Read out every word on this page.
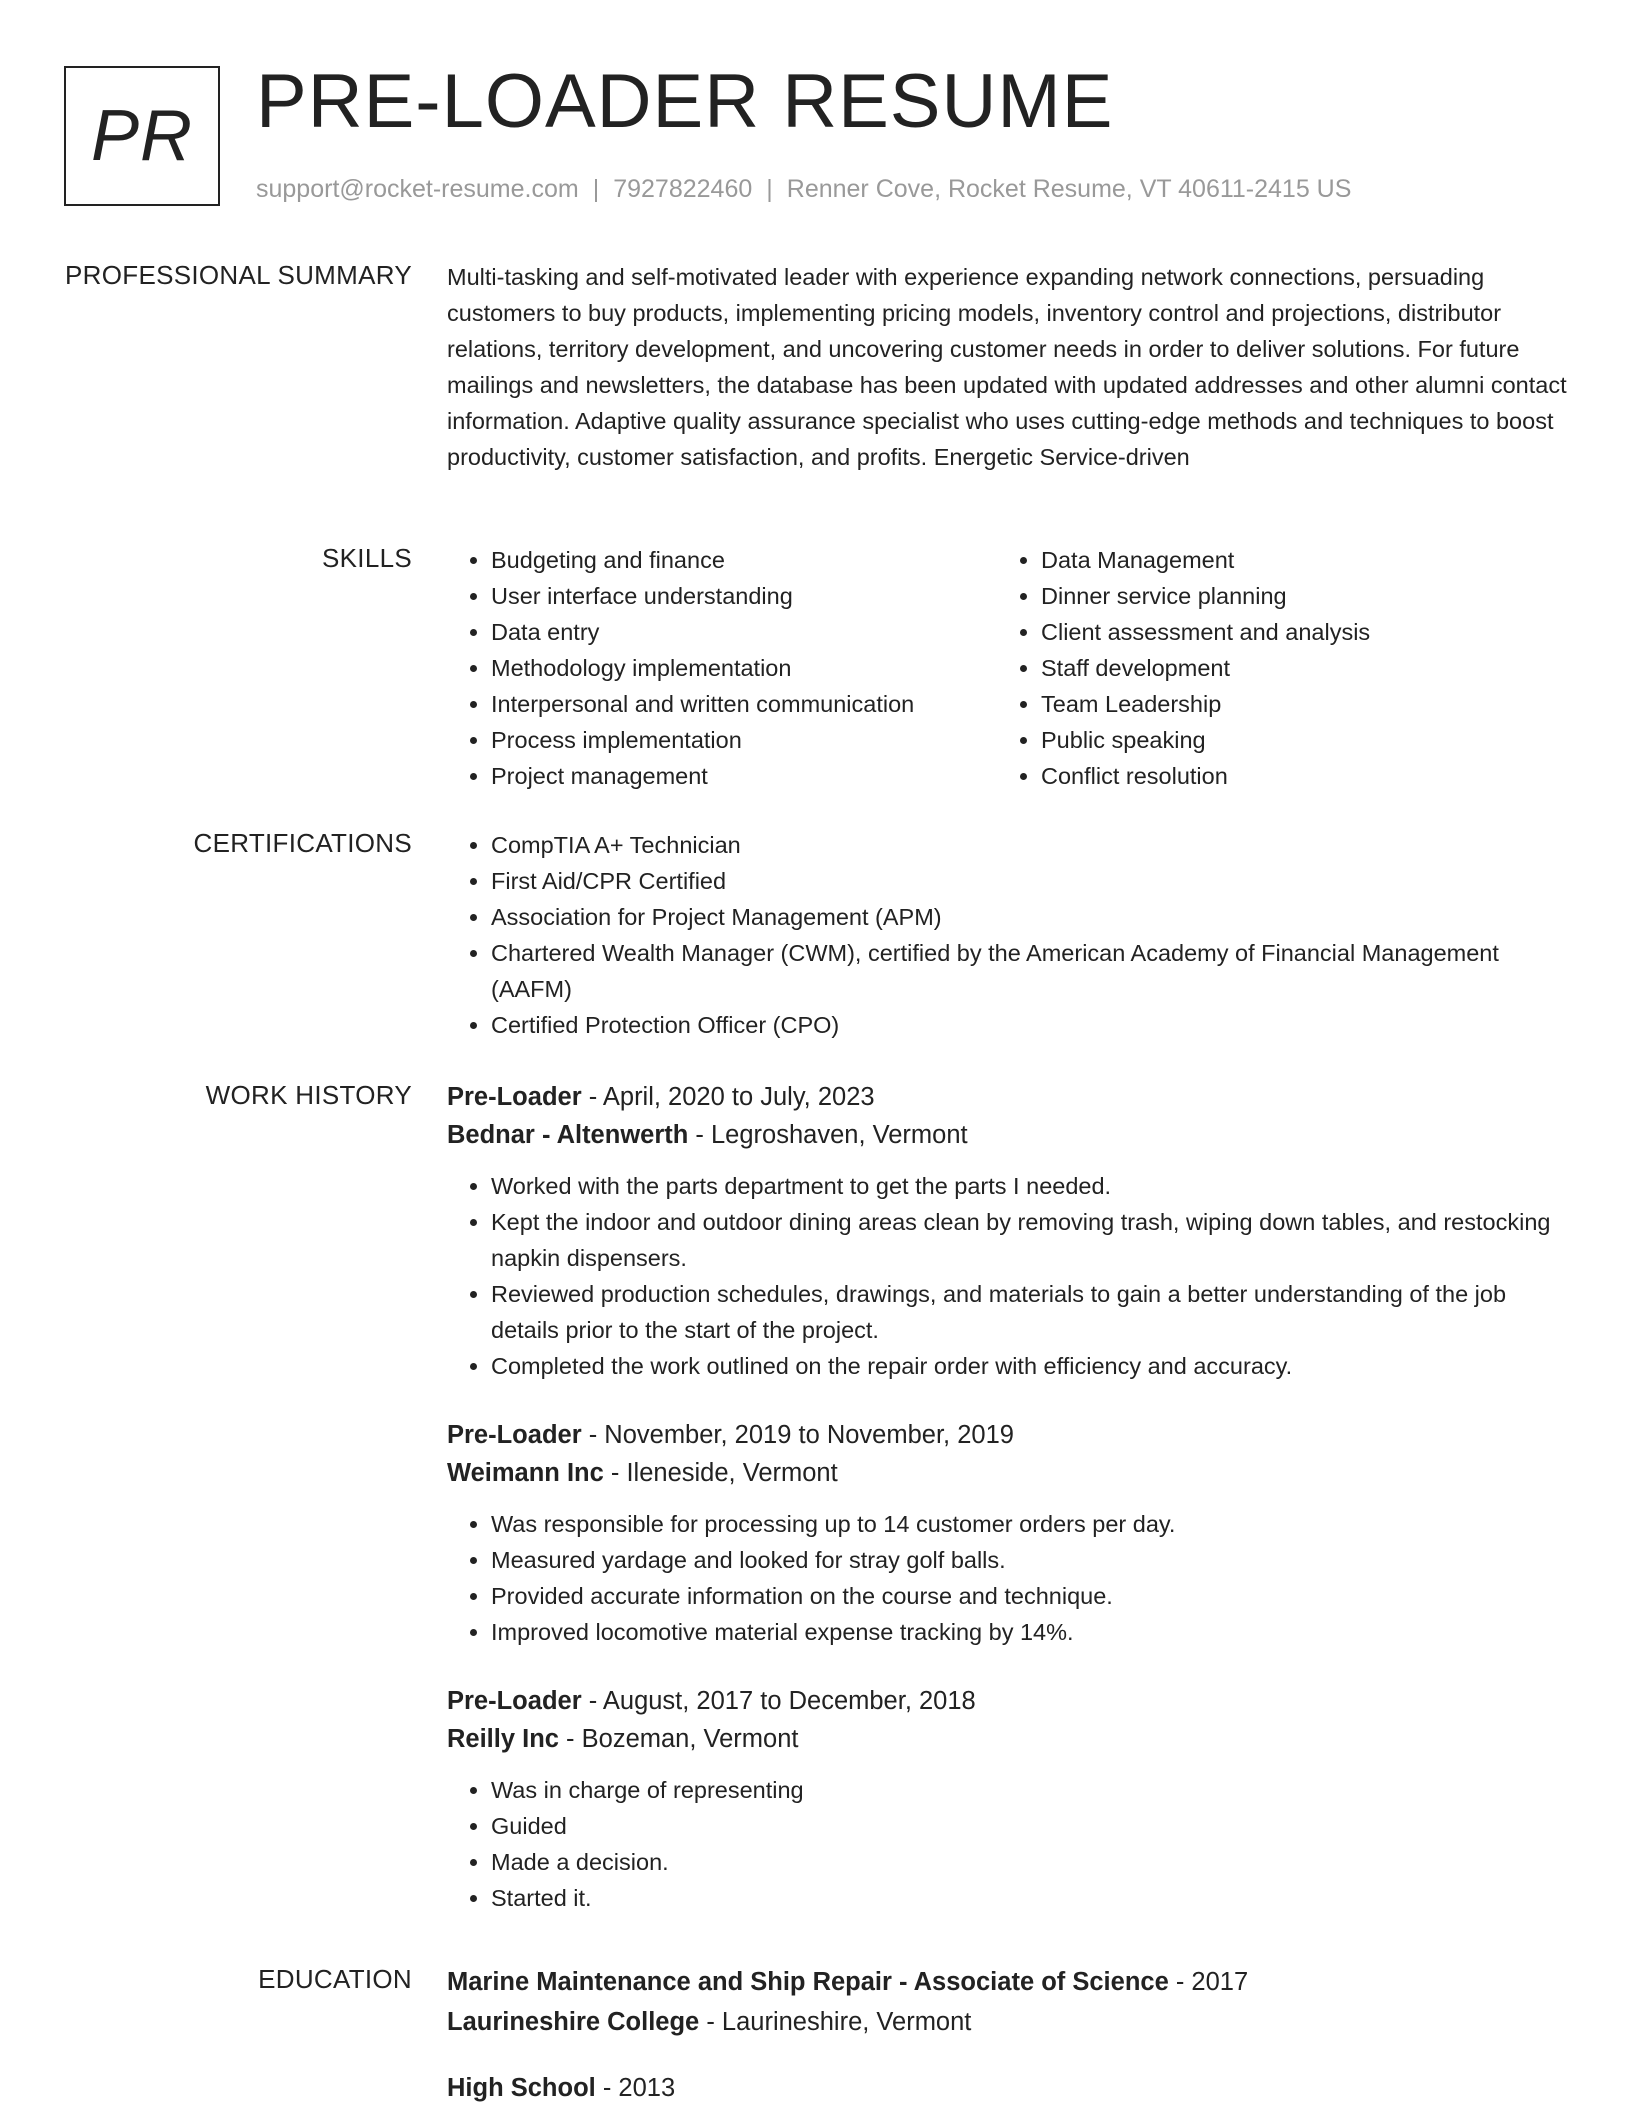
PR PRE-LOADER RESUME
support@rocket-resume.com | 7927822460 | Renner Cove, Rocket Resume, VT 40611-2415 US
PROFESSIONAL SUMMARY Multi-tasking and self-motivated leader with experience expanding network connections, persuading customers to buy products, implementing pricing models, inventory control and projections, distributor relations, territory development, and uncovering customer needs in order to deliver solutions. For future mailings and newsletters, the database has been updated with updated addresses and other alumni contact information. Adaptive quality assurance specialist who uses cutting-edge methods and techniques to boost productivity, customer satisfaction, and profits. Energetic Service-driven

SKILLS	• Budgeting and finance
• User interface understanding
• Data entry
• Methodology implementation
• Interpersonal and written communication
• Process implementation
• Project management
• Data Management
• Dinner service planning
• Client assessment and analysis
• Staff development
• Team Leadership
• Public speaking
• Conflict resolution
CERTIFICATIONS	• CompTIA A+ Technician
• First Aid/CPR Certified
• Association for Project Management (APM)
• Chartered Wealth Manager (CWM), certified by the American Academy of Financial Management (AAFM)
• Certified Protection Officer (CPO)
WORK HISTORY Pre-Loader - April, 2020 to July, 2023
Bednar - Altenwerth - Legroshaven, Vermont
• Worked with the parts department to get the parts I needed.
• Kept the indoor and outdoor dining areas clean by removing trash, wiping down tables, and restocking napkin dispensers.
• Reviewed production schedules, drawings, and materials to gain a better understanding of the job details prior to the start of the project.
• Completed the work outlined on the repair order with efficiency and accuracy.
Pre-Loader - November, 2019 to November, 2019
Weimann Inc - Ileneside, Vermont
• Was responsible for processing up to 14 customer orders per day.
• Measured yardage and looked for stray golf balls.
• Provided accurate information on the course and technique.
• Improved locomotive material expense tracking by 14%.
Pre-Loader - August, 2017 to December, 2018
Reilly Inc - Bozeman, Vermont
• Was in charge of representing
• Guided
• Made a decision.
• Started it.
EDUCATION Marine Maintenance and Ship Repair - Associate of Science - 2017
Laurineshire College - Laurineshire, Vermont
High School - 2013
